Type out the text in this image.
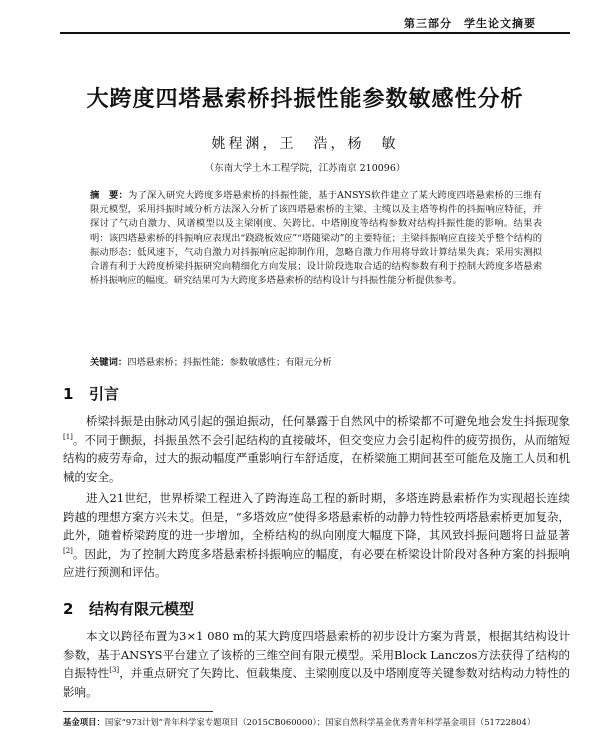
第三部分　学生论文摘要
大跨度四塔悬索桥抖振性能参数敏感性分析
姚程渊，王　浩，杨　敏
（东南大学土木工程学院，江苏南京 210096）
摘　要：为了深入研究大跨度多塔悬索桥的抖振性能，基于ANSYS软件建立了某大跨度四塔悬索桥的三维有限元模型，采用抖振时域分析方法深入分析了该四塔悬索桥的主梁、主缆以及主塔等构件的抖振响应特征，并探讨了气动自激力、风谱模型以及主梁刚度、矢跨比、中塔刚度等结构参数对结构抖振性能的影响。结果表明：该四塔悬索桥的抖振响应表现出“跷跷板效应”“塔随梁动”的主要特征；主梁抖振响应直接关乎整个结构的振动形态；低风速下，气动自激力对抖振响应起抑制作用，忽略自激力作用将导致计算结果失真；采用实测拟合谱有利于大跨度桥梁抖振研究向精细化方向发展；设计阶段选取合适的结构参数有利于控制大跨度多塔悬索桥抖振响应的幅度。研究结果可为大跨度多塔悬索桥的结构设计与抖振性能分析提供参考。
关键词：四塔悬索桥；抖振性能；参数敏感性；有限元分析
1 引言
桥梁抖振是由脉动风引起的强迫振动，任何暴露于自然风中的桥梁都不可避免地会发生抖振现象[1]。不同于颤振，抖振虽然不会引起结构的直接破坏，但交变应力会引起构件的疲劳损伤，从而缩短结构的疲劳寿命，过大的振动幅度严重影响行车舒适度，在桥梁施工期间甚至可能危及施工人员和机械的安全。
进入21世纪，世界桥梁工程进入了跨海连岛工程的新时期，多塔连跨悬索桥作为实现超长连续跨越的理想方案方兴未艾。但是，“多塔效应”使得多塔悬索桥的动静力特性较两塔悬索桥更加复杂，此外，随着桥梁跨度的进一步增加，全桥结构的纵向刚度大幅度下降，其风致抖振问题将日益显著[2]。因此，为了控制大跨度多塔悬索桥抖振响应的幅度，有必要在桥梁设计阶段对各种方案的抖振响应进行预测和评估。
2 结构有限元模型
本文以跨径布置为3×1 080 m的某大跨度四塔悬索桥的初步设计方案为背景，根据其结构设计参数，基于ANSYS平台建立了该桥的三维空间有限元模型。采用Block Lanczos方法获得了结构的自振特性[3]，并重点研究了矢跨比、恒载集度、主梁刚度以及中塔刚度等关键参数对结构动力特性的影响。
基金项目：国家“973计划”青年科学家专题项目（2015CB060000）；国家自然科学基金优秀青年科学基金项目（51722804）
